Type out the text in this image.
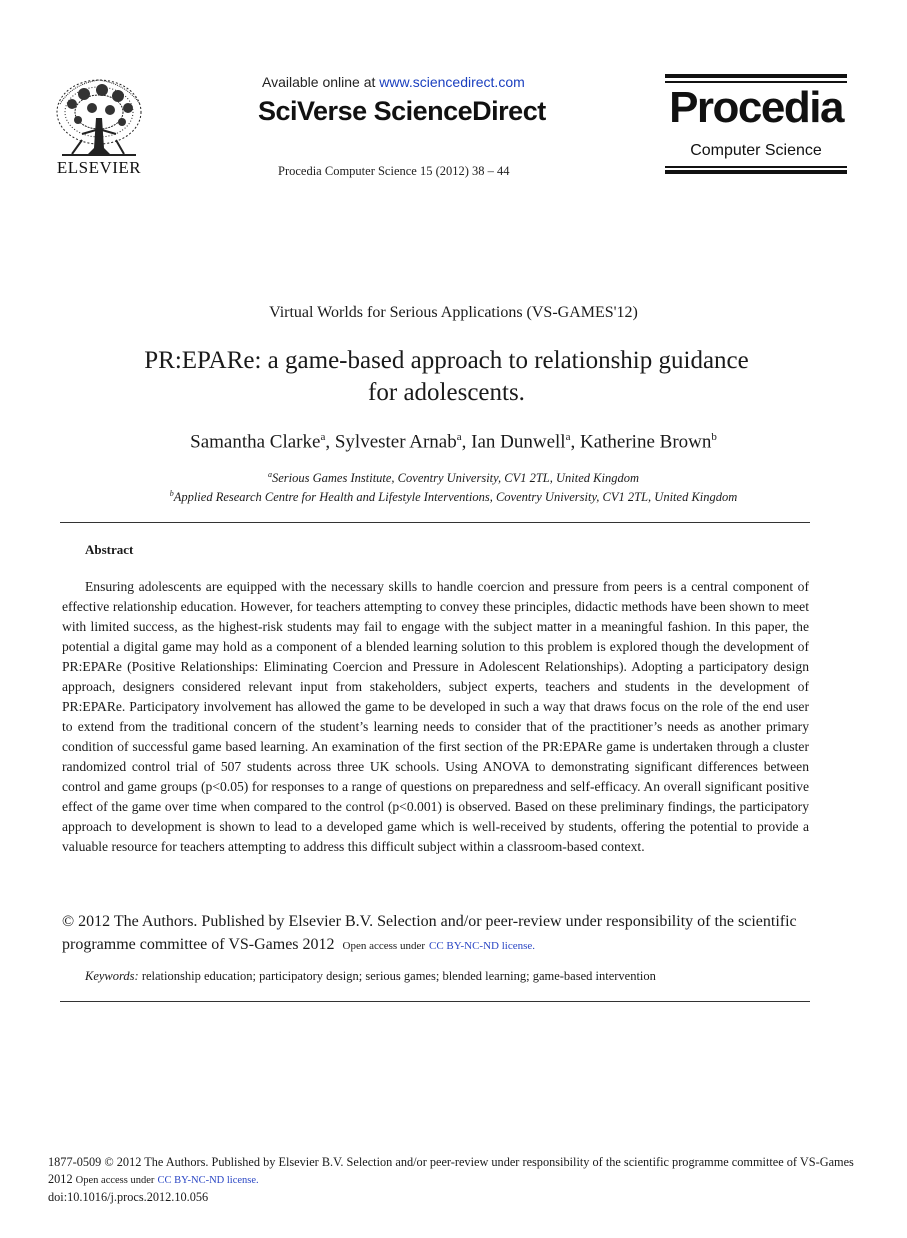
ELSEVIER
Available online at www.sciencedirect.com
SciVerse ScienceDirect
Procedia Computer Science 15 (2012) 38 – 44
Procedia
Computer Science
Virtual Worlds for Serious Applications (VS-GAMES'12)
PR:EPARe: a game-based approach to relationship guidance
for adolescents.
Samantha Clarke$^a$, Sylvester Arnab$^a$, Ian Dunwell$^a$, Katherine Brown$^b$
$^a$Serious Games Institute, Coventry University, CV1 2TL, United Kingdom
$^b$Applied Research Centre for Health and Lifestyle Interventions, Coventry University, CV1 2TL, United Kingdom
Abstract

Ensuring adolescents are equipped with the necessary skills to handle coercion and pressure from peers is a central component of effective relationship education. However, for teachers attempting to convey these principles, didactic methods have been shown to meet with limited success, as the highest-risk students may fail to engage with the subject matter in a meaningful fashion. In this paper, the potential a digital game may hold as a component of a blended learning solution to this problem is explored though the development of PR:EPARe (Positive Relationships: Eliminating Coercion and Pressure in Adolescent Relationships). Adopting a participatory design approach, designers considered relevant input from stakeholders, subject experts, teachers and students in the development of PR:EPARe. Participatory involvement has allowed the game to be developed in such a way that draws focus on the role of the end user to extend from the traditional concern of the student’s learning needs to consider that of the practitioner’s needs as another primary condition of successful game based learning. An examination of the first section of the PR:EPARe game is undertaken through a cluster randomized control trial of 507 students across three UK schools. Using ANOVA to demonstrating significant differences between control and game groups (p<0.05) for responses to a range of questions on preparedness and self-efficacy. An overall significant positive effect of the game over time when compared to the control (p<0.001) is observed. Based on these preliminary findings, the participatory approach to development is shown to lead to a developed game which is well-received by students, offering the potential to provide a valuable resource for teachers attempting to address this difficult subject within a classroom-based context.

© 2012 The Authors. Published by Elsevier B.V. Selection and/or peer-review under responsibility of the scientific programme committee of VS-Games 2012 Open access under CC BY-NC-ND license.
Keywords: relationship education; participatory design; serious games; blended learning; game-based intervention
1877-0509 © 2012 The Authors. Published by Elsevier B.V. Selection and/or peer-review under responsibility of the scientific programme committee of VS-Games 2012 Open access under CC BY-NC-ND license.
doi:10.1016/j.procs.2012.10.056
